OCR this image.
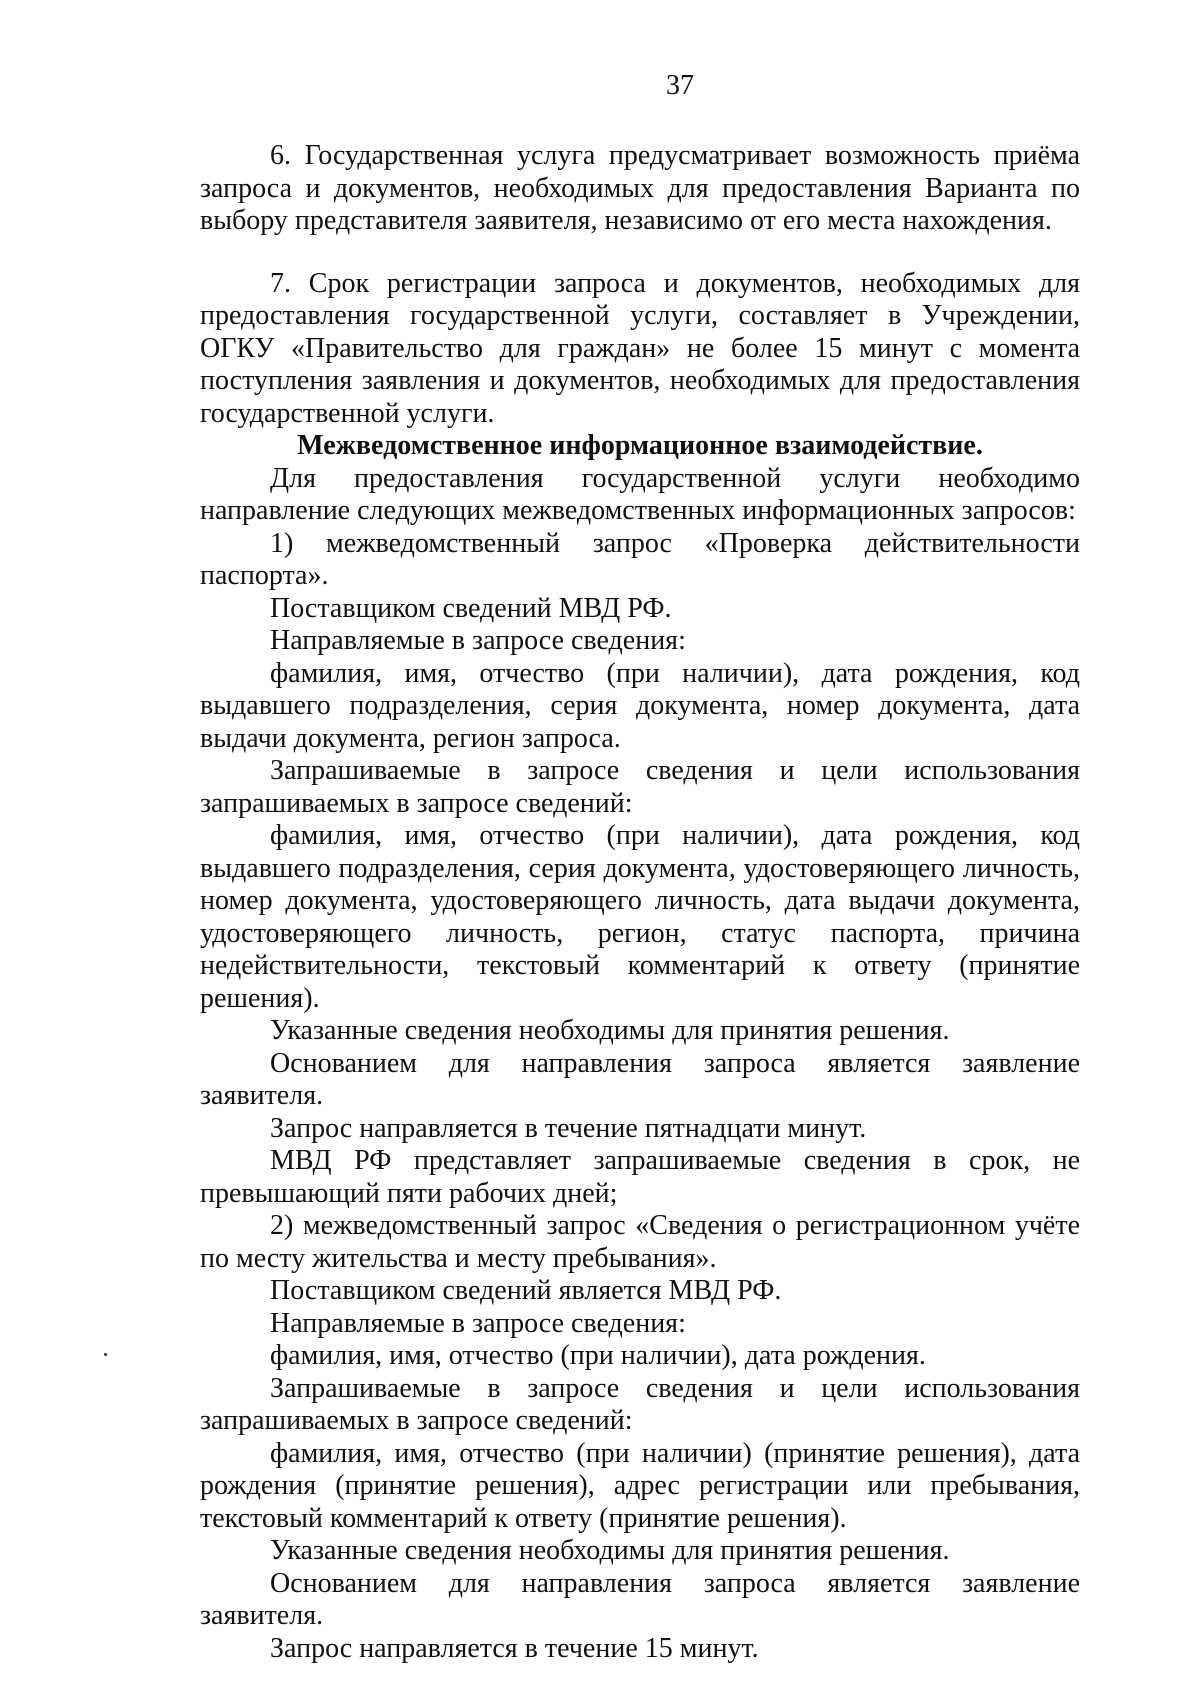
37

6. Государственная услуга предусматривает возможность приёма запроса и документов, необходимых для предоставления Варианта по выбору представителя заявителя, независимо от его места нахождения.

7. Срок регистрации запроса и документов, необходимых для предоставления государственной услуги, составляет в Учреждении, ОГКУ «Правительство для граждан» не более 15 минут с момента поступления заявления и документов, необходимых для предоставления государственной услуги.

Межведомственное информационное взаимодействие.

Для предоставления государственной услуги необходимо направление следующих межведомственных информационных запросов:

1) межведомственный запрос «Проверка действительности паспорта».

Поставщиком сведений МВД РФ.

Направляемые в запросе сведения:

фамилия, имя, отчество (при наличии), дата рождения, код выдавшего подразделения, серия документа, номер документа, дата выдачи документа, регион запроса.

Запрашиваемые в запросе сведения и цели использования запрашиваемых в запросе сведений:

фамилия, имя, отчество (при наличии), дата рождения, код выдавшего подразделения, серия документа, удостоверяющего личность, номер документа, удостоверяющего личность, дата выдачи документа, удостоверяющего личность, регион, статус паспорта, причина недействительности, текстовый комментарий к ответу (принятие решения).

Указанные сведения необходимы для принятия решения.

Основанием для направления запроса является заявление заявителя.

Запрос направляется в течение пятнадцати минут.

МВД РФ представляет запрашиваемые сведения в срок, не превышающий пяти рабочих дней;

2) межведомственный запрос «Сведения о регистрационном учёте по месту жительства и месту пребывания».

Поставщиком сведений является МВД РФ.

Направляемые в запросе сведения:

фамилия, имя, отчество (при наличии), дата рождения.

Запрашиваемые в запросе сведения и цели использования запрашиваемых в запросе сведений:

фамилия, имя, отчество (при наличии) (принятие решения), дата рождения (принятие решения), адрес регистрации или пребывания, текстовый комментарий к ответу (принятие решения).

Указанные сведения необходимы для принятия решения.

Основанием для направления запроса является заявление заявителя.

Запрос направляется в течение 15 минут.
